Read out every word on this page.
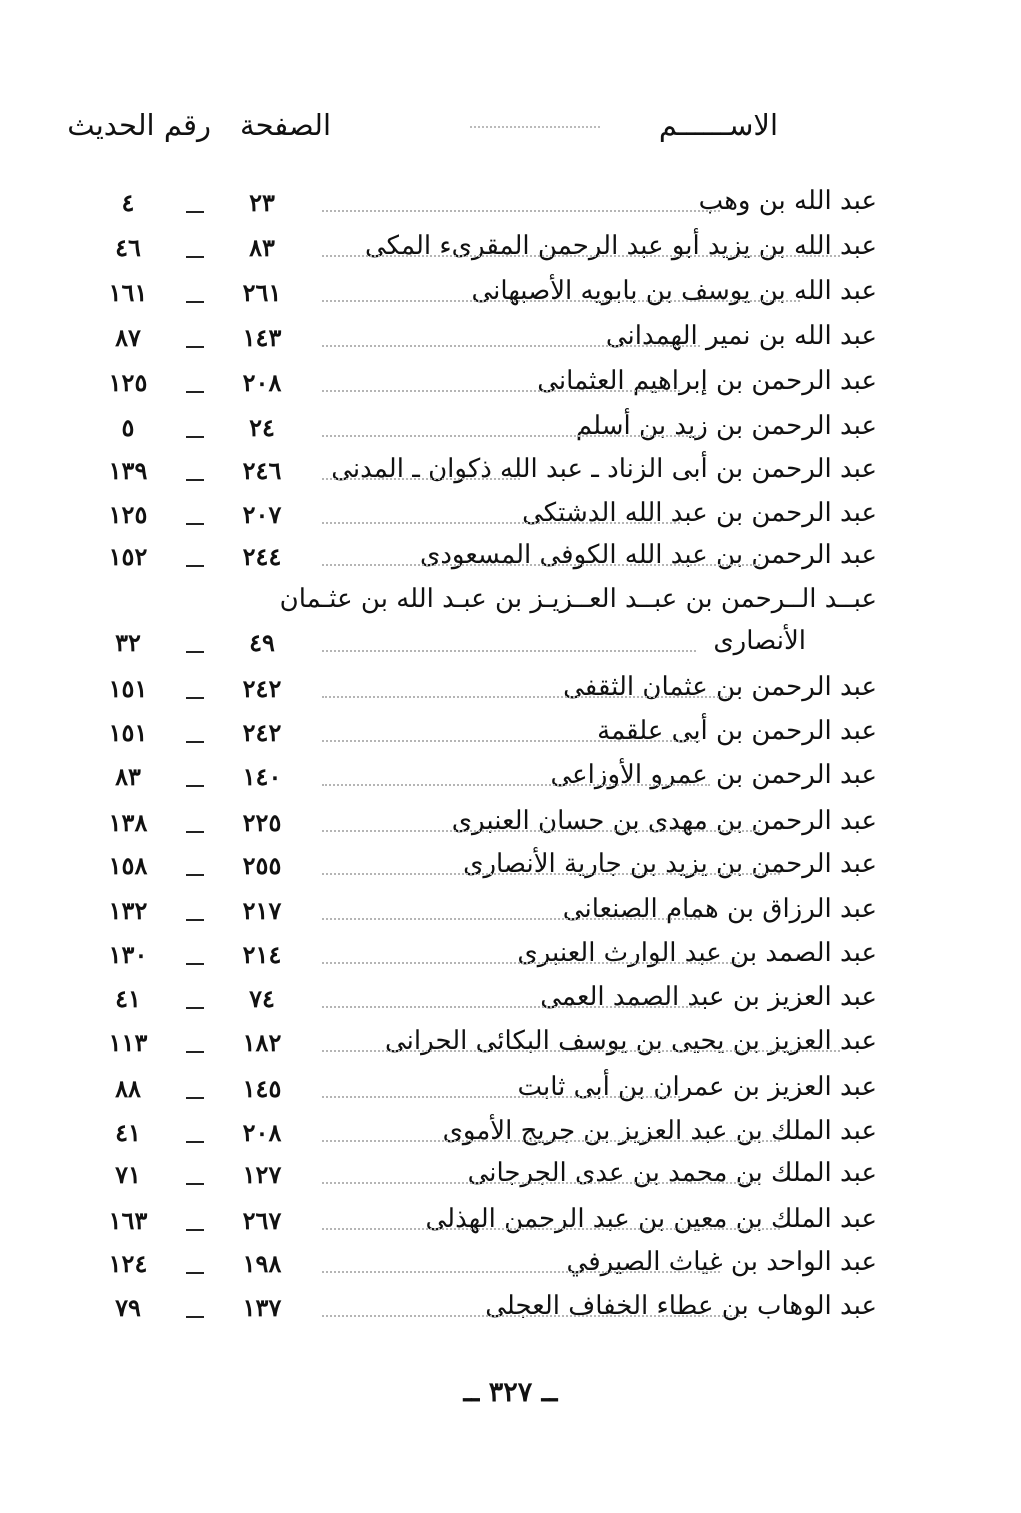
الاســــــم
الصفحة
رقم الحديث
عبد الله بن وهب
٢٣
٤
عبد الله بن يزيد أبو عبد الرحمن المقرىء المكى
٨٣
٤٦
عبد الله بن يوسف بن بابويه الأصبهانى
٢٦١
١٦١
عبد الله بن نمير الهمدانى
١٤٣
٨٧
عبد الرحمن بن إبراهيم العثمانى
٢٠٨
١٢٥
عبد الرحمن بن زيد بن أسلم
٢٤
٥
عبد الرحمن بن أبى الزناد ـ عبد الله ذكوان ـ المدنى
٢٤٦
١٣٩
عبد الرحمن بن عبد الله الدشتكى
٢٠٧
١٢٥
عبد الرحمن بن عبد الله الكوفى المسعودى
٢٤٤
١٥٢
عبــد الــرحمن بن عبــد العــزيـز بن عبـد الله بن عثـمان
الأنصارى
٤٩
٣٢
عبد الرحمن بن عثمان الثقفى
٢٤٢
١٥١
عبد الرحمن بن أبى علقمة
٢٤٢
١٥١
عبد الرحمن بن عمرو الأوزاعى
١٤٠
٨٣
عبد الرحمن بن مهدى بن حسان العنبرى
٢٢٥
١٣٨
عبد الرحمن بن يزيد بن جارية الأنصارى
٢٥٥
١٥٨
عبد الرزاق بن همام الصنعانى
٢١٧
١٣٢
عبد الصمد بن عبد الوارث العنبرى
٢١٤
١٣٠
عبد العزيز بن عبد الصمد العمى
٧٤
٤١
عبد العزيز بن يحيى بن يوسف البكائى الحرانى
١٨٢
١١٣
عبد العزيز بن عمران بن أبى ثابت
١٤٥
٨٨
عبد الملك بن عبد العزيز بن جريج الأموى
٢٠٨
٤١
عبد الملك بن محمد بن عدى الجرجانى
١٢٧
٧١
عبد الملك بن معين بن عبد الرحمن الهذلى
٢٦٧
١٦٣
عبد الواحد بن غياث الصيرفي
١٩٨
١٢٤
عبد الوهاب بن عطاء الخفاف العجلى
١٣٧
٧٩
ــ ٣٢٧ ــ
